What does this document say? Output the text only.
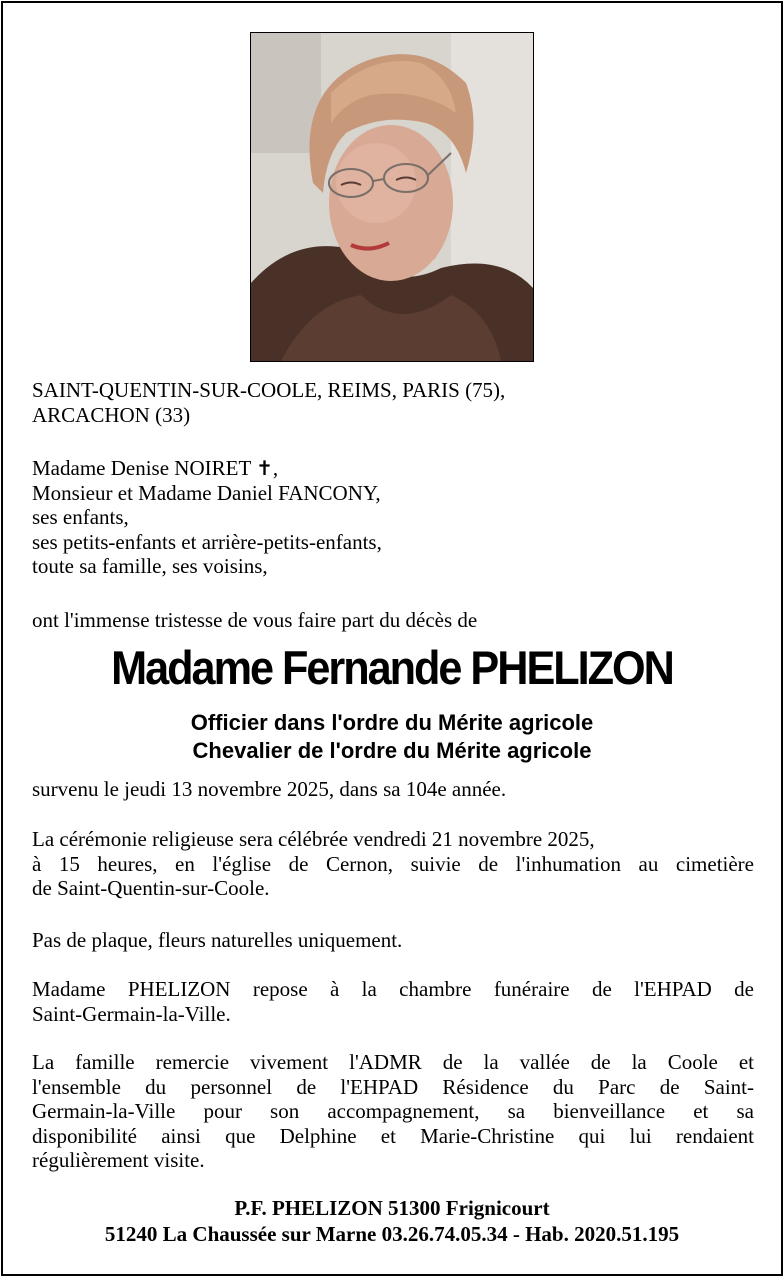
SAINT-QUENTIN-SUR-COOLE, REIMS, PARIS (75),
ARCACHON (33)
Madame Denise NOIRET ✝,
Monsieur et Madame Daniel FANCONY,
ses enfants,
ses petits-enfants et arrière-petits-enfants,
toute sa famille, ses voisins,
ont l'immense tristesse de vous faire part du décès de
Madame Fernande PHELIZON
Officier dans l'ordre du Mérite agricole
Chevalier de l'ordre du Mérite agricole
survenu le jeudi 13 novembre 2025, dans sa 104e année.
La cérémonie religieuse sera célébrée vendredi 21 novembre 2025,
à 15 heures, en l'église de Cernon, suivie de l'inhumation au cimetière
de Saint-Quentin-sur-Coole.
Pas de plaque, fleurs naturelles uniquement.
Madame PHELIZON repose à la chambre funéraire de l'EHPAD de
Saint-Germain-la-Ville.
La famille remercie vivement l'ADMR de la vallée de la Coole et
l'ensemble du personnel de l'EHPAD Résidence du Parc de Saint-
Germain-la-Ville pour son accompagnement, sa bienveillance et sa
disponibilité ainsi que Delphine et Marie-Christine qui lui rendaient
régulièrement visite.
P.F. PHELIZON 51300 Frignicourt
51240 La Chaussée sur Marne 03.26.74.05.34 - Hab. 2020.51.195
